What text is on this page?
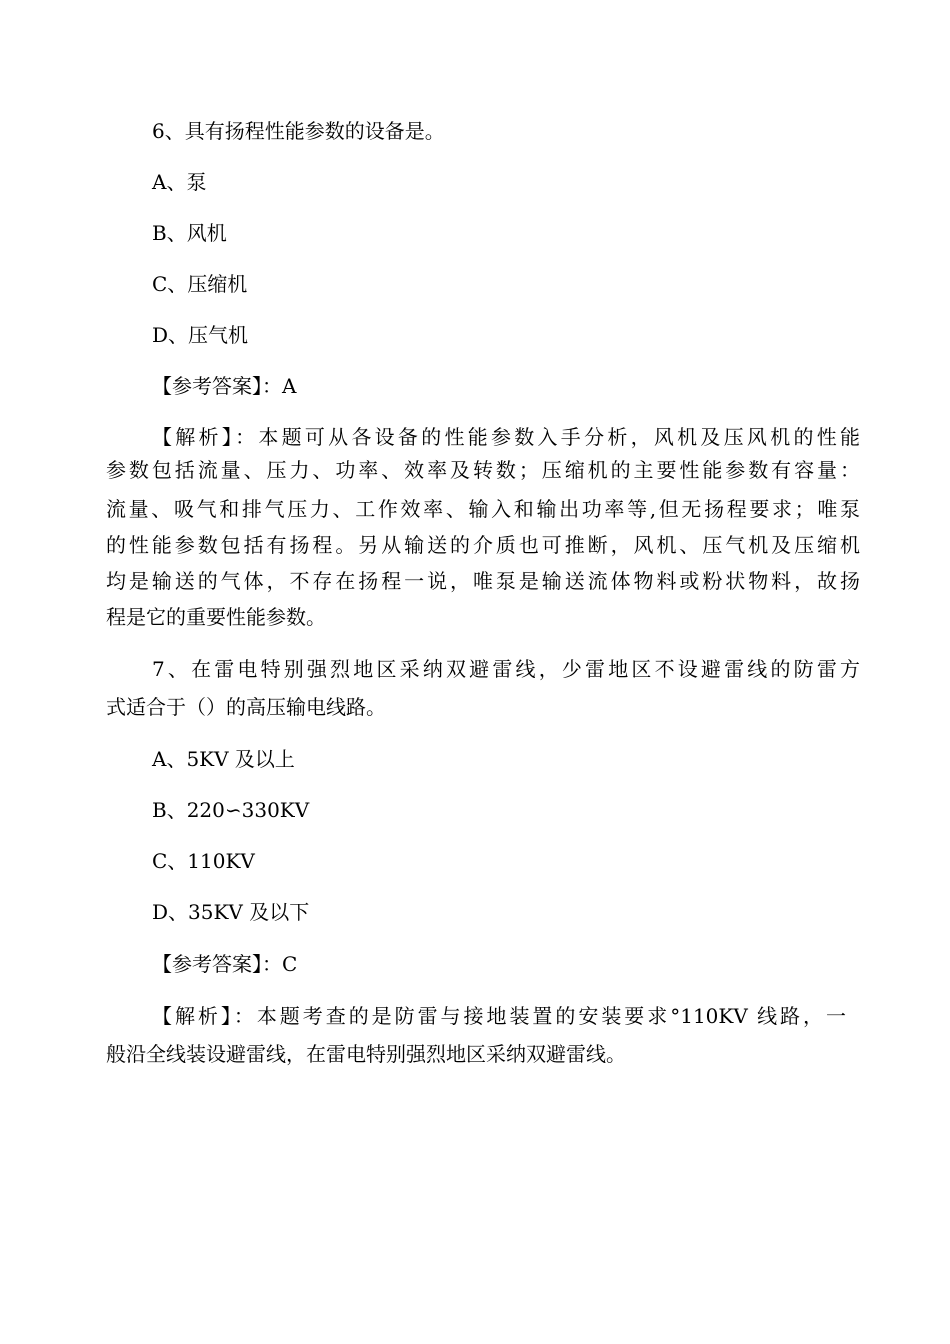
6、具有扬程性能参数的设备是。
A、泵
B、风机
C、压缩机
D、压气机
【参考答案】：A
【解析】：本题可从各设备的性能参数入手分析，风机及压风机的性能
参数包括流量、压力、功率、效率及转数；压缩机的主要性能参数有容量：
流量、吸气和排气压力、工作效率、输入和输出功率等,但无扬程要求；唯泵
的性能参数包括有扬程。另从输送的介质也可推断，风机、压气机及压缩机
均是输送的气体，不存在扬程一说，唯泵是输送流体物料或粉状物料，故扬
程是它的重要性能参数。
7、在雷电特别强烈地区采纳双避雷线，少雷地区不设避雷线的防雷方
式适合于（）的高压输电线路。
A、5KV 及以上
B、220∽330KV
C、110KV
D、35KV 及以下
【参考答案】：C
【解析】：本题考查的是防雷与接地装置的安装要求°110KV 线路，一
般沿全线装设避雷线，在雷电特别强烈地区采纳双避雷线。
